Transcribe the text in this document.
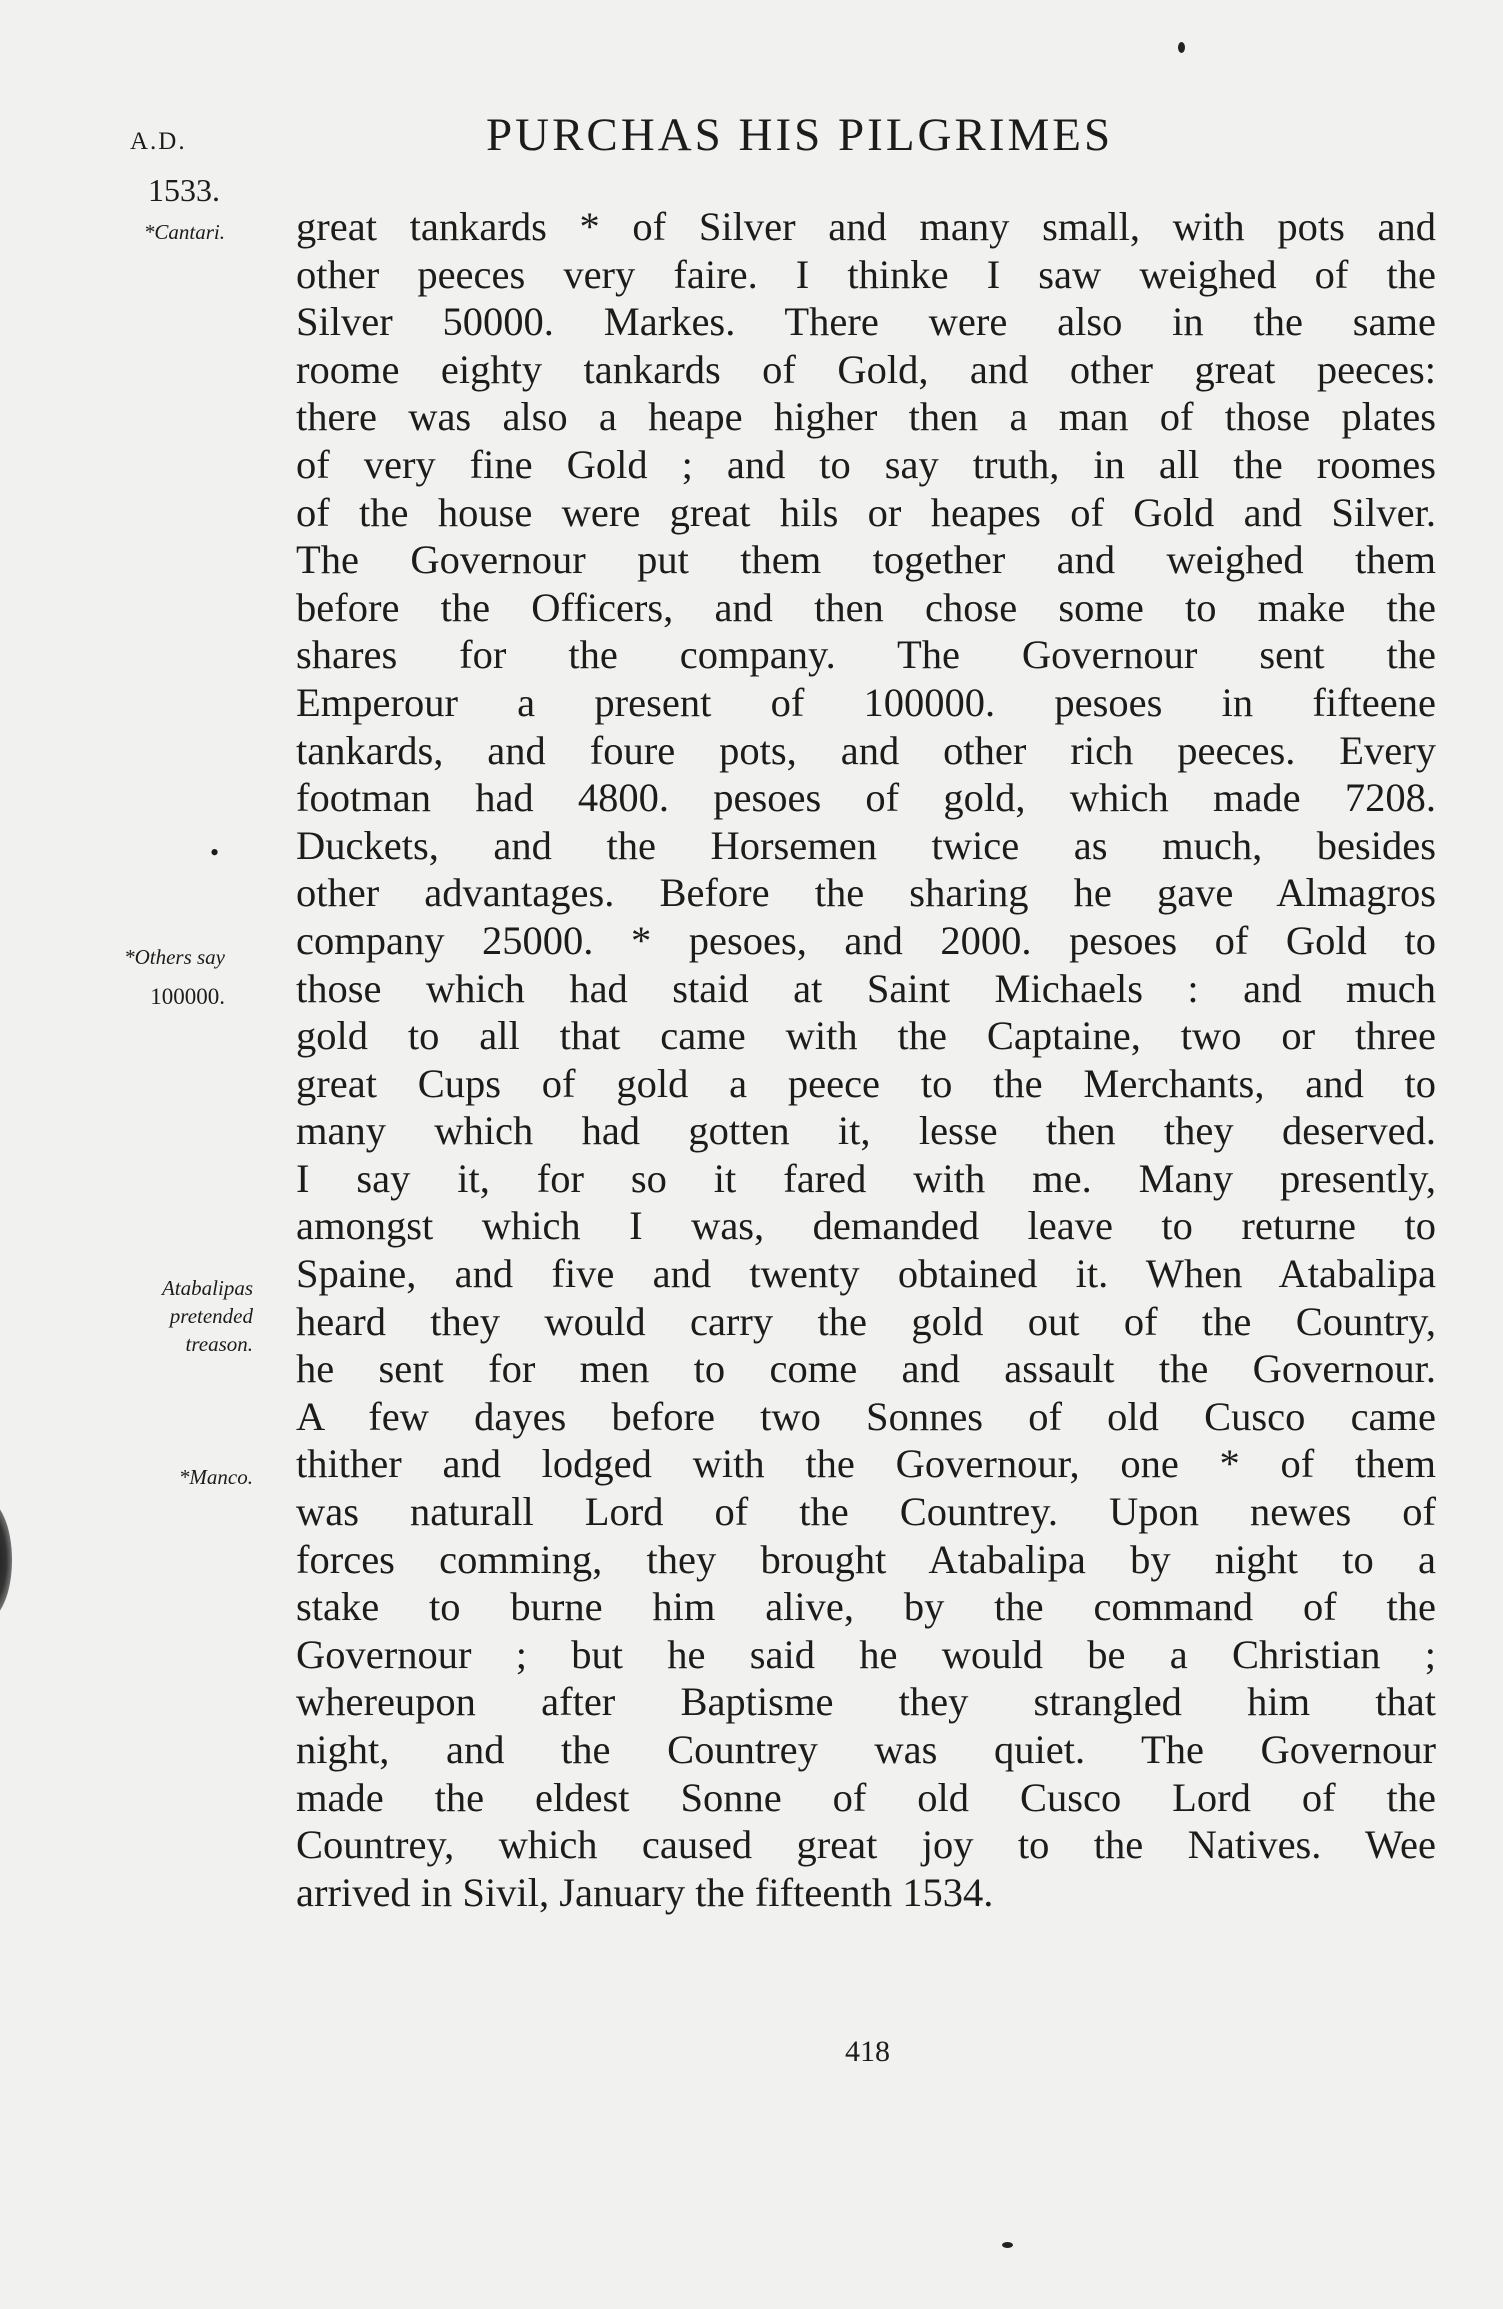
A.D.	PURCHAS HIS PILGRIMES
1533.
*Cantari.
•
*Others say
100000.
Atabalipas
pretended
treason.
*Manco.
great tankards * of Silver and many small, with pots and
other peeces very faire. I thinke I saw weighed of the
Silver 50000. Markes. There were also in the same
roome eighty tankards of Gold, and other great peeces:
there was also a heape higher then a man of those plates
of very fine Gold ; and to say truth, in all the roomes
of the house were great hils or heapes of Gold and Silver.
The Governour put them together and weighed them
before the Officers, and then chose some to make the
shares for the company. The Governour sent the
Emperour a present of 100000. pesoes in fifteene
tankards, and foure pots, and other rich peeces. Every
footman had 4800. pesoes of gold, which made 7208.
Duckets, and the Horsemen twice as much, besides
other advantages. Before the sharing he gave Almagros
company 25000. * pesoes, and 2000. pesoes of Gold to
those which had staid at Saint Michaels : and much
gold to all that came with the Captaine, two or three
great Cups of gold a peece to the Merchants, and to
many which had gotten it, lesse then they deserved.
I say it, for so it fared with me. Many presently,
amongst which I was, demanded leave to returne to
Spaine, and five and twenty obtained it. When Atabalipa
heard they would carry the gold out of the Country,
he sent for men to come and assault the Governour.
A few dayes before two Sonnes of old Cusco came
thither and lodged with the Governour, one * of them
was naturall Lord of the Countrey. Upon newes of
forces comming, they brought Atabalipa by night to a
stake to burne him alive, by the command of the
Governour ; but he said he would be a Christian ;
whereupon after Baptisme they strangled him that
night, and the Countrey was quiet. The Governour
made the eldest Sonne of old Cusco Lord of the
Countrey, which caused great joy to the Natives. Wee
arrived in Sivil, January the fifteenth 1534.
418
